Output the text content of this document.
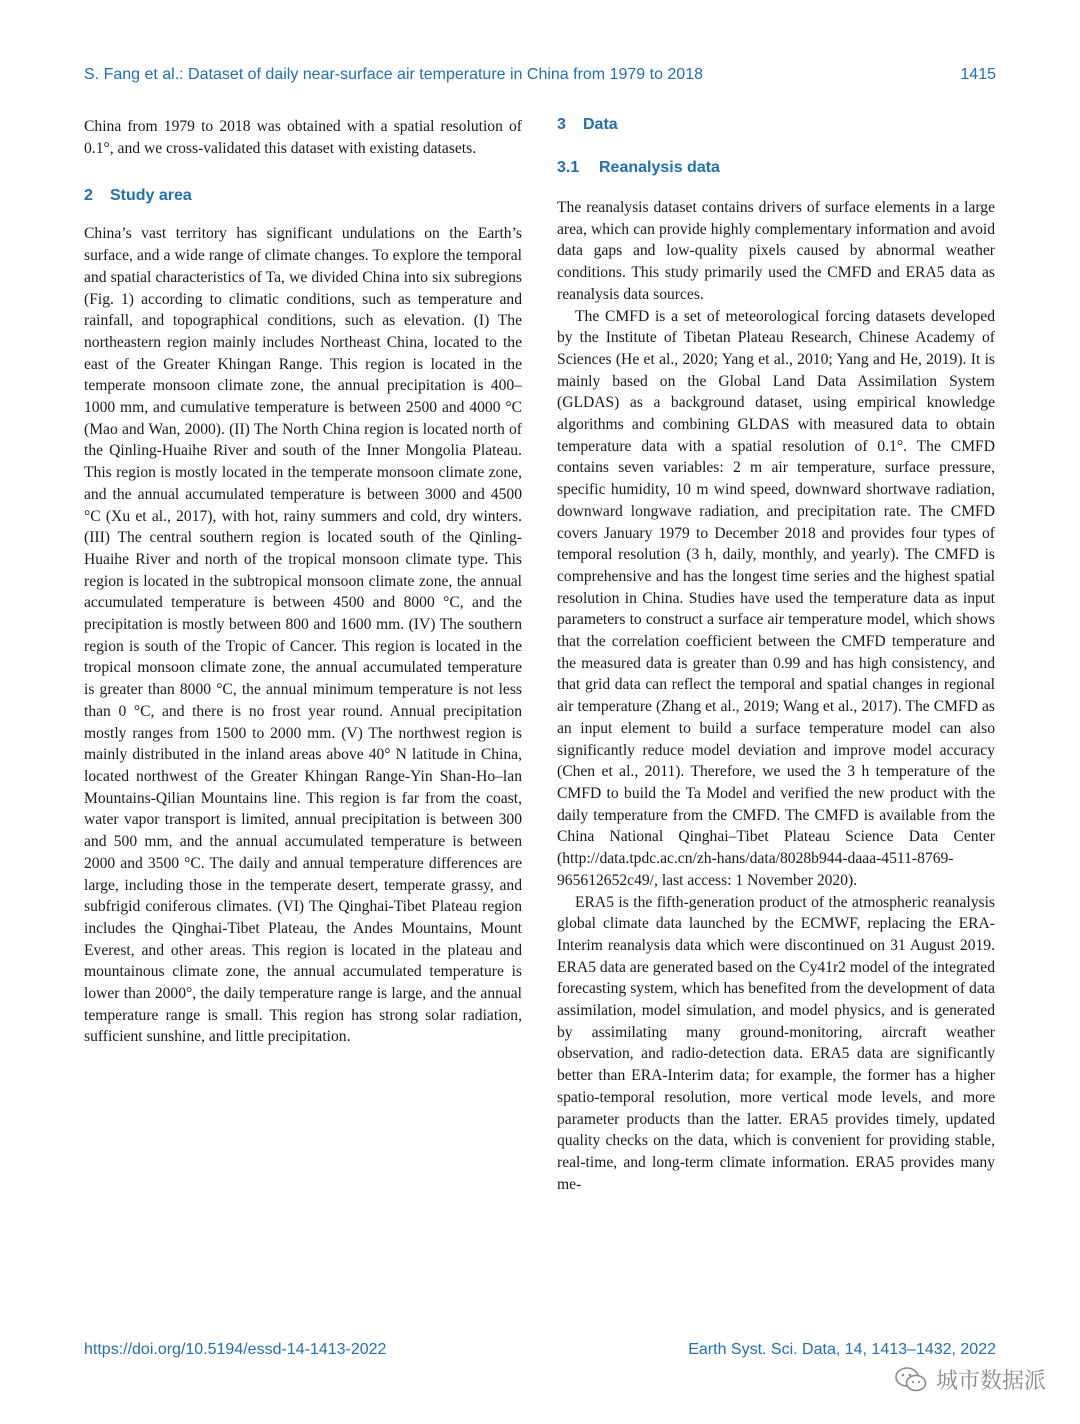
S. Fang et al.: Dataset of daily near-surface air temperature in China from 1979 to 2018	1415

China from 1979 to 2018 was obtained with a spatial resolution of 0.1°, and we cross-validated this dataset with existing datasets.

2 Study area

China’s vast territory has significant undulations on the Earth’s surface, and a wide range of climate changes. To explore the temporal and spatial characteristics of Ta, we divided China into six subregions (Fig. 1) according to climatic conditions, such as temperature and rainfall, and topographical conditions, such as elevation. (I) The northeastern region mainly includes Northeast China, located to the east of the Greater Khingan Range. This region is located in the temperate monsoon climate zone, the annual precipitation is 400–1000 mm, and cumulative temperature is between 2500 and 4000 °C (Mao and Wan, 2000). (II) The North China region is located north of the Qinling-Huaihe River and south of the Inner Mongolia Plateau. This region is mostly located in the temperate monsoon climate zone, and the annual accumulated temperature is between 3000 and 4500 °C (Xu et al., 2017), with hot, rainy summers and cold, dry winters. (III) The central southern region is located south of the Qinling-Huaihe River and north of the tropical monsoon climate type. This region is located in the subtropical monsoon climate zone, the annual accumulated temperature is between 4500 and 8000 °C, and the precipitation is mostly between 800 and 1600 mm. (IV) The southern region is south of the Tropic of Cancer. This region is located in the tropical monsoon climate zone, the annual accumulated temperature is greater than 8000 °C, the annual minimum temperature is not less than 0 °C, and there is no frost year round. Annual precipitation mostly ranges from 1500 to 2000 mm. (V) The northwest region is mainly distributed in the inland areas above 40° N latitude in China, located northwest of the Greater Khingan Range-Yin Shan-Ho–lan Mountains-Qilian Mountains line. This region is far from the coast, water vapor transport is limited, annual precipitation is between 300 and 500 mm, and the annual accumulated temperature is between 2000 and 3500 °C. The daily and annual temperature differences are large, including those in the temperate desert, temperate grassy, and subfrigid coniferous climates. (VI) The Qinghai-Tibet Plateau region includes the Qinghai-Tibet Plateau, the Andes Mountains, Mount Everest, and other areas. This region is located in the plateau and mountainous climate zone, the annual accumulated temperature is lower than 2000°, the daily temperature range is large, and the annual temperature range is small. This region has strong solar radiation, sufficient sunshine, and little precipitation.

3 Data
3.1 Reanalysis data

The reanalysis dataset contains drivers of surface elements in a large area, which can provide highly complementary information and avoid data gaps and low-quality pixels caused by abnormal weather conditions. This study primarily used the CMFD and ERA5 data as reanalysis data sources.

The CMFD is a set of meteorological forcing datasets developed by the Institute of Tibetan Plateau Research, Chinese Academy of Sciences (He et al., 2020; Yang et al., 2010; Yang and He, 2019). It is mainly based on the Global Land Data Assimilation System (GLDAS) as a background dataset, using empirical knowledge algorithms and combining GLDAS with measured data to obtain temperature data with a spatial resolution of 0.1°. The CMFD contains seven variables: 2 m air temperature, surface pressure, specific humidity, 10 m wind speed, downward shortwave radiation, downward longwave radiation, and precipitation rate. The CMFD covers January 1979 to December 2018 and provides four types of temporal resolution (3 h, daily, monthly, and yearly). The CMFD is comprehensive and has the longest time series and the highest spatial resolution in China. Studies have used the temperature data as input parameters to construct a surface air temperature model, which shows that the correlation coefficient between the CMFD temperature and the measured data is greater than 0.99 and has high consistency, and that grid data can reflect the temporal and spatial changes in regional air temperature (Zhang et al., 2019; Wang et al., 2017). The CMFD as an input element to build a surface temperature model can also significantly reduce model deviation and improve model accuracy (Chen et al., 2011). Therefore, we used the 3 h temperature of the CMFD to build the Ta Model and verified the new product with the daily temperature from the CMFD. The CMFD is available from the China National Qinghai–Tibet Plateau Science Data Center (http://data.tpdc.ac.cn/zh-hans/data/8028b944-daaa-4511-8769-965612652c49/, last access: 1 November 2020).

ERA5 is the fifth-generation product of the atmospheric reanalysis global climate data launched by the ECMWF, replacing the ERA-Interim reanalysis data which were discontinued on 31 August 2019. ERA5 data are generated based on the Cy41r2 model of the integrated forecasting system, which has benefited from the development of data assimilation, model simulation, and model physics, and is generated by assimilating many ground-monitoring, aircraft weather observation, and radio-detection data. ERA5 data are significantly better than ERA-Interim data; for example, the former has a higher spatio-temporal resolution, more vertical mode levels, and more parameter products than the latter. ERA5 provides timely, updated quality checks on the data, which is convenient for providing stable, real-time, and long-term climate information. ERA5 provides many me-

https://doi.org/10.5194/essd-14-1413-2022	Earth Syst. Sci. Data, 14, 1413–1432, 2022
城市数据派
